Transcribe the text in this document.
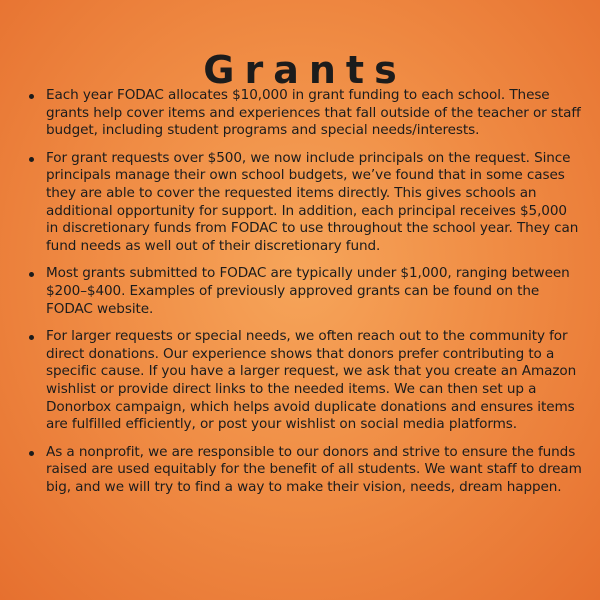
Grants
Each year FODAC allocates $10,000 in grant funding to each school. These grants help cover items and experiences that fall outside of the teacher or staff budget, including student programs and special needs/interests.
For grant requests over $500, we now include principals on the request. Since principals manage their own school budgets, we’ve found that in some cases they are able to cover the requested items directly. This gives schools an additional opportunity for support. In addition, each principal receives $5,000 in discretionary funds from FODAC to use throughout the school year. They can fund needs as well out of their discretionary fund.
Most grants submitted to FODAC are typically under $1,000, ranging between $200–$400. Examples of previously approved grants can be found on the FODAC website.
For larger requests or special needs, we often reach out to the community for direct donations. Our experience shows that donors prefer contributing to a specific cause. If you have a larger request, we ask that you create an Amazon wishlist or provide direct links to the needed items. We can then set up a Donorbox campaign, which helps avoid duplicate donations and ensures items are fulfilled efficiently, or post your wishlist on social media platforms.
As a nonprofit, we are responsible to our donors and strive to ensure the funds raised are used equitably for the benefit of all students. We want staff to dream big, and we will try to find a way to make their vision, needs, dream happen.
